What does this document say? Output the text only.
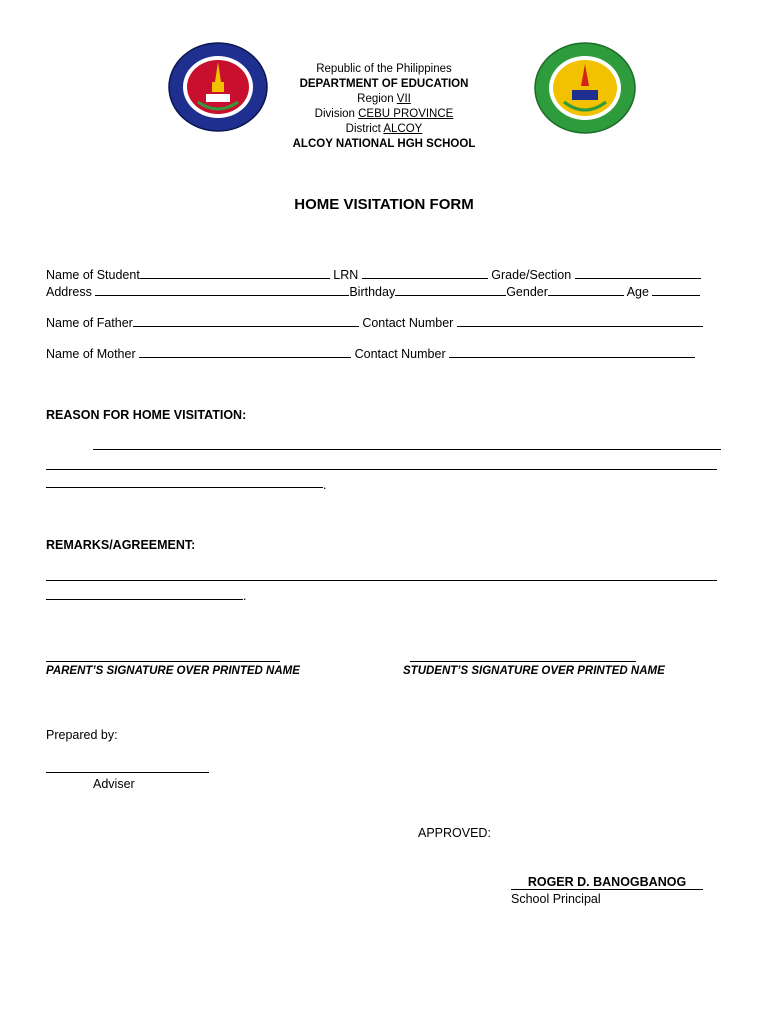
Republic of the Philippines
DEPARTMENT OF EDUCATION
Region VII
Division CEBU PROVINCE
District ALCOY
ALCOY NATIONAL HGH SCHOOL
HOME VISITATION FORM
Name of Student	LRN	Grade/Section
Address	Birthday	Gender	Age
Name of Father	Contact Number
Name of Mother	Contact Number
REASON FOR HOME VISITATION:
.
REMARKS/AGREEMENT:
.
PARENT’S SIGNATURE OVER PRINTED NAME	STUDENT’S SIGNATURE OVER PRINTED NAME
Prepared by:
Adviser
APPROVED:
ROGER D. BANOGBANOG
School Principal
